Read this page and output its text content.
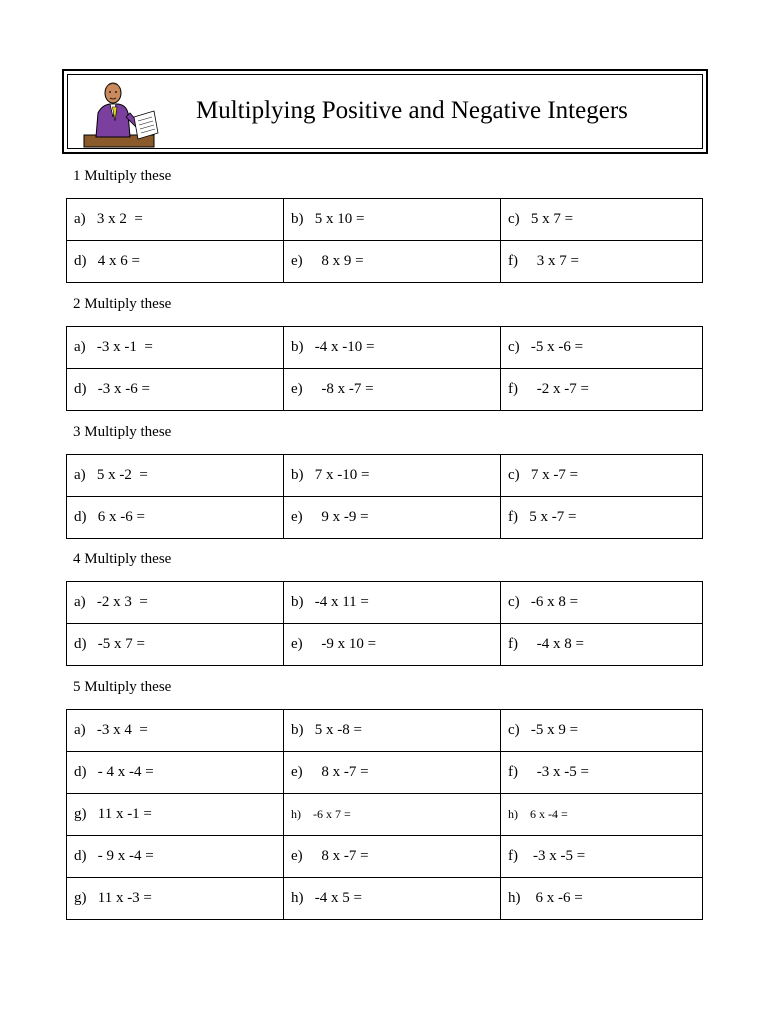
Multiplying Positive and Negative Integers
1 Multiply these
a)   3 x 2  =	b)   5 x 10 =	c)   5 x 7 =
d)   4 x 6 =	e)     8 x 9 =	f)     3 x 7 =
2 Multiply these
a)   -3 x -1  =	b)   -4 x -10 =	c)   -5 x -6 =
d)   -3 x -6 =	e)     -8 x -7 =	f)     -2 x -7 =
3 Multiply these
a)   5 x -2  =	b)   7 x -10 =	c)   7 x -7 =
d)   6 x -6 =	e)     9 x -9 =	f)   5 x -7 =
4 Multiply these
a)   -2 x 3  =	b)   -4 x 11 =	c)   -6 x 8 =
d)   -5 x 7 =	e)     -9 x 10 =	f)     -4 x 8 =
5 Multiply these
a)   -3 x 4  =	b)   5 x -8 =	c)   -5 x 9 =
d)   - 4 x -4 =	e)     8 x -7 =	f)     -3 x -5 =
g)   11 x -1 =	h)    -6 x 7 =	h)    6 x -4 =
d)   - 9 x -4 =	e)     8 x -7 =	f)    -3 x -5 =
g)   11 x -3 =	h)   -4 x 5 =	h)    6 x -6 =
